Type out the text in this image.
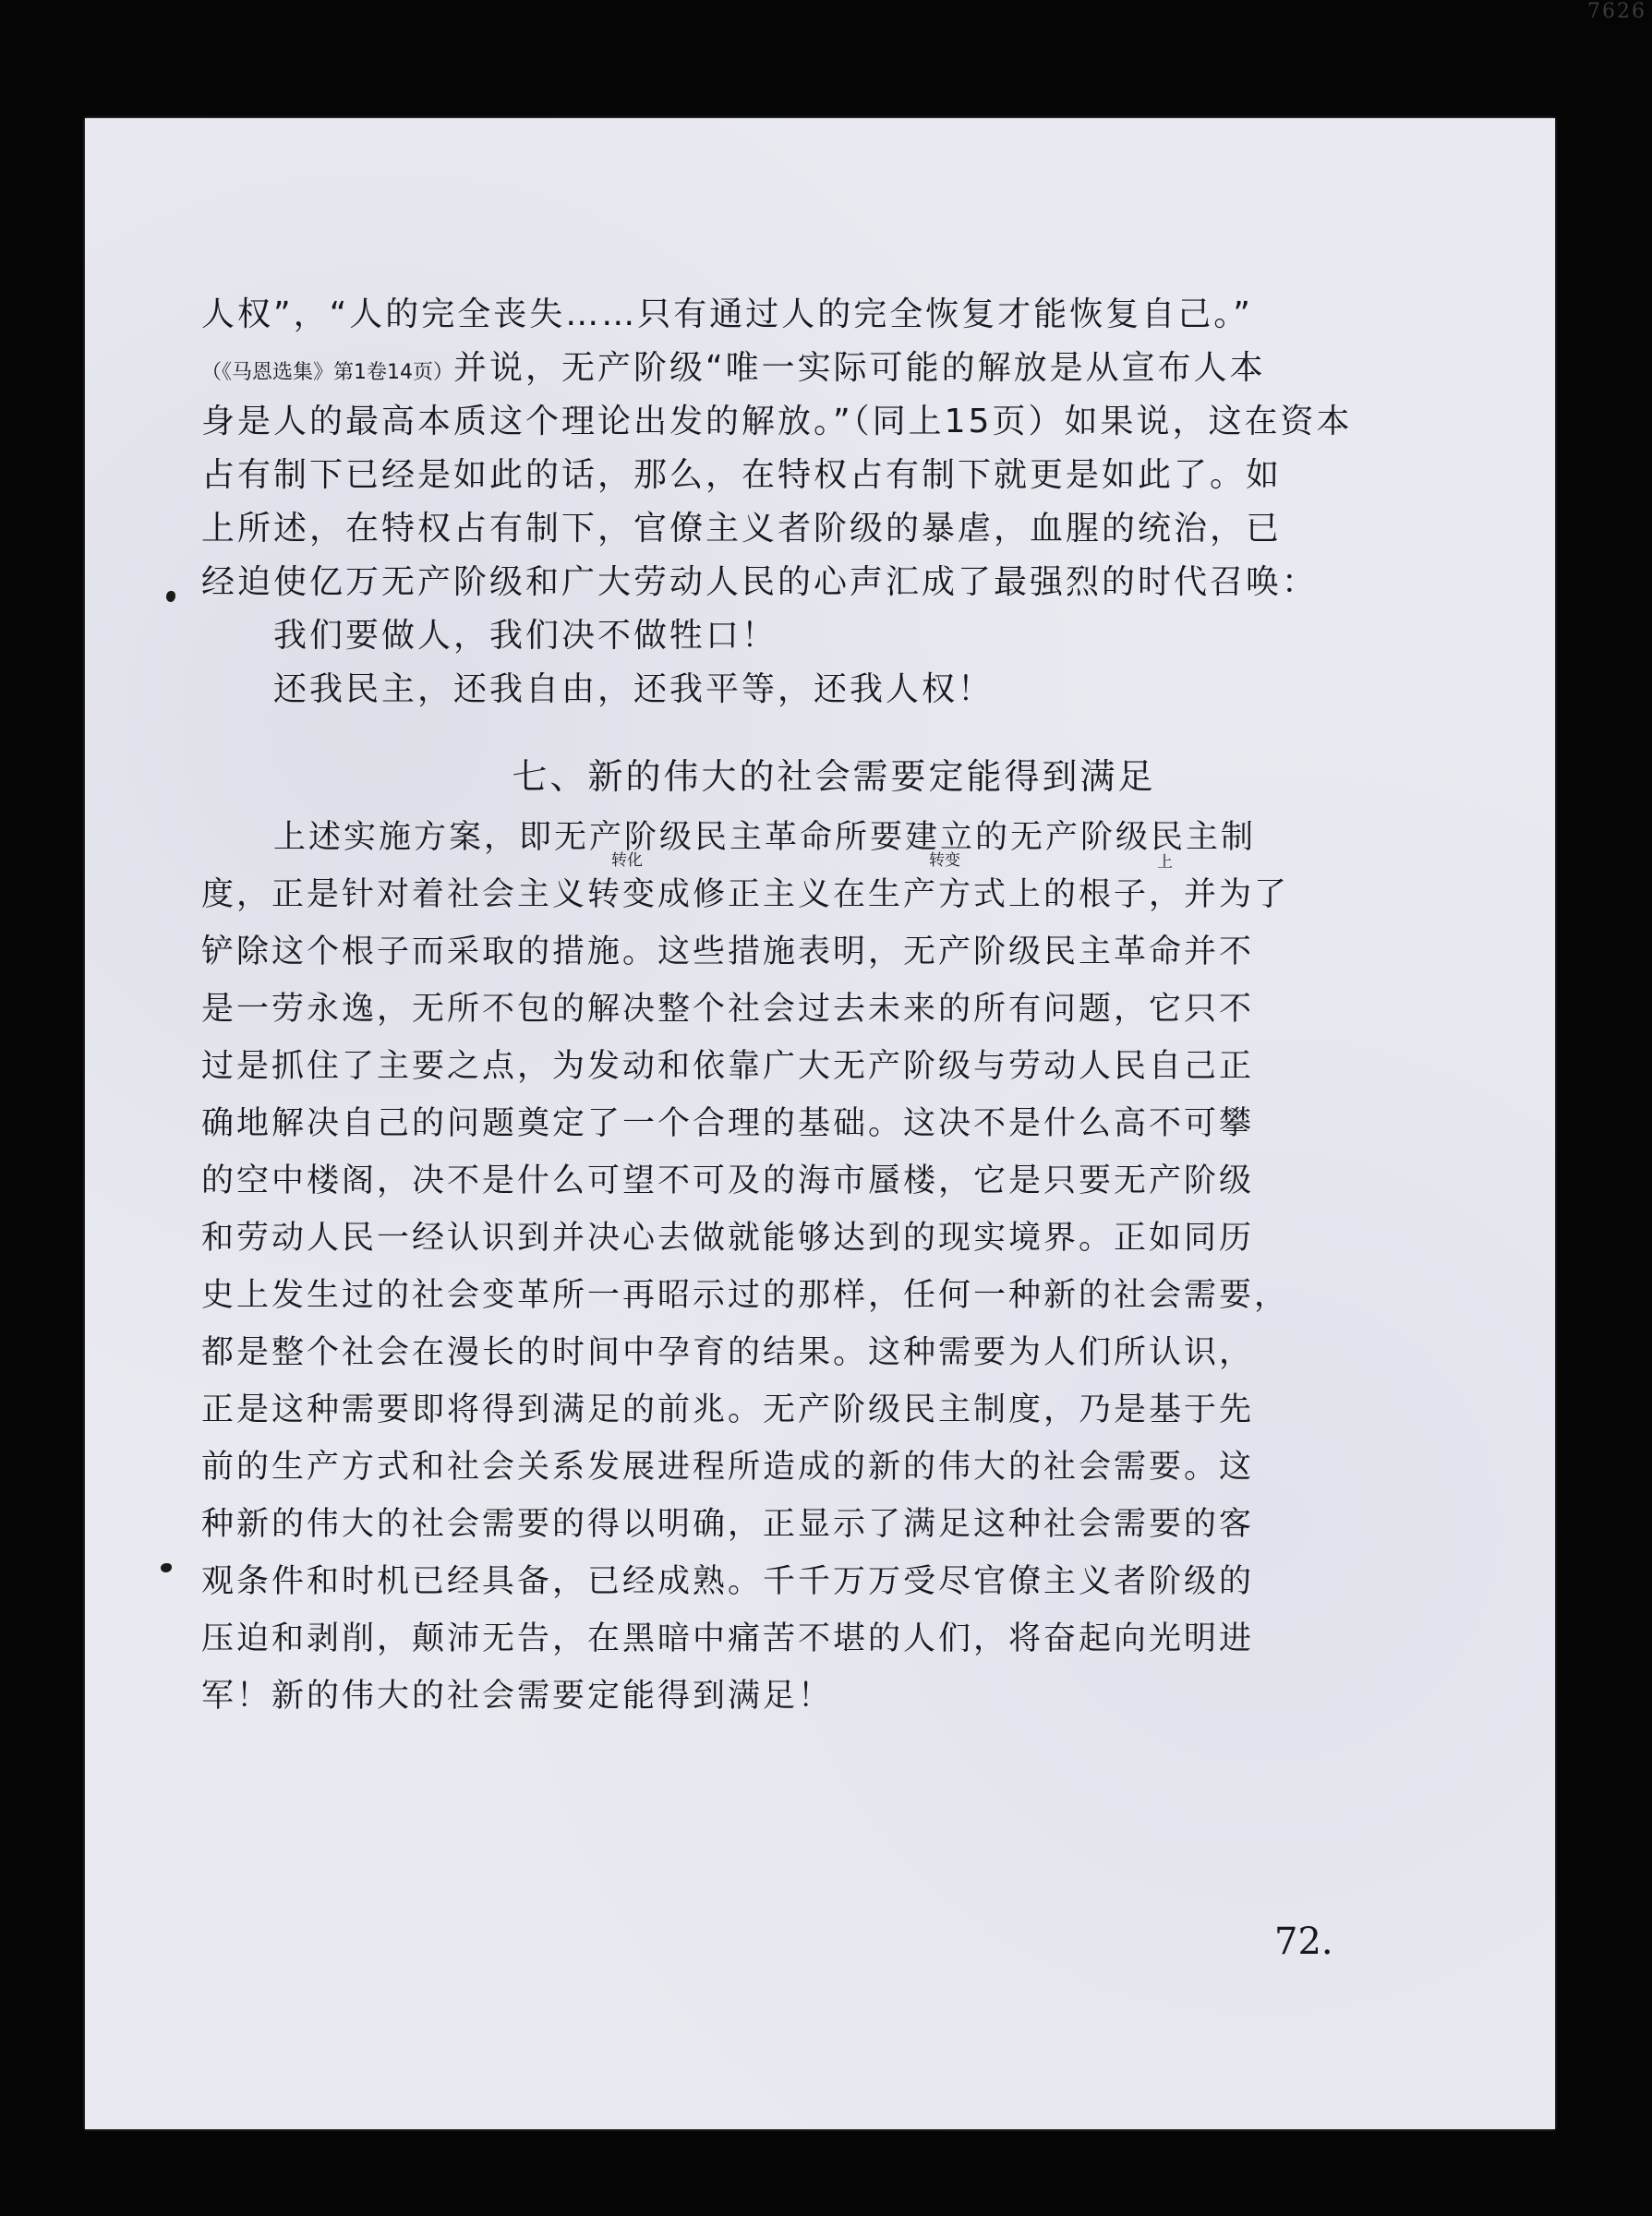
7626
人权”，“人的完全丧失……只有通过人的完全恢复才能恢复自己。”
（《马恩选集》第1卷14页）并说，无产阶级“唯一实际可能的解放是从宣布人本
身是人的最高本质这个理论出发的解放。”（同上15页）如果说，这在资本
占有制下已经是如此的话，那么，在特权占有制下就更是如此了。如
上所述，在特权占有制下，官僚主义者阶级的暴虐，血腥的统治，已
经迫使亿万无产阶级和广大劳动人民的心声汇成了最强烈的时代召唤：
我们要做人，我们决不做牲口！
还我民主，还我自由，还我平等，还我人权！
七、新的伟大的社会需要定能得到满足
上述实施方案，即无产阶级民主革命所要建立的无产阶级民主制
转化	转变	上
度，正是针对着社会主义转变成修正主义在生产方式上的根子，并为了
铲除这个根子而采取的措施。这些措施表明，无产阶级民主革命并不
是一劳永逸，无所不包的解决整个社会过去未来的所有问题，它只不
过是抓住了主要之点，为发动和依靠广大无产阶级与劳动人民自己正
确地解决自己的问题奠定了一个合理的基础。这决不是什么高不可攀
的空中楼阁，决不是什么可望不可及的海市蜃楼，它是只要无产阶级
和劳动人民一经认识到并决心去做就能够达到的现实境界。正如同历
史上发生过的社会变革所一再昭示过的那样，任何一种新的社会需要，
都是整个社会在漫长的时间中孕育的结果。这种需要为人们所认识，
正是这种需要即将得到满足的前兆。无产阶级民主制度，乃是基于先
前的生产方式和社会关系发展进程所造成的新的伟大的社会需要。这
种新的伟大的社会需要的得以明确，正显示了满足这种社会需要的客
观条件和时机已经具备，已经成熟。千千万万受尽官僚主义者阶级的
压迫和剥削，颠沛无告，在黑暗中痛苦不堪的人们，将奋起向光明进
军！新的伟大的社会需要定能得到满足！
72.
